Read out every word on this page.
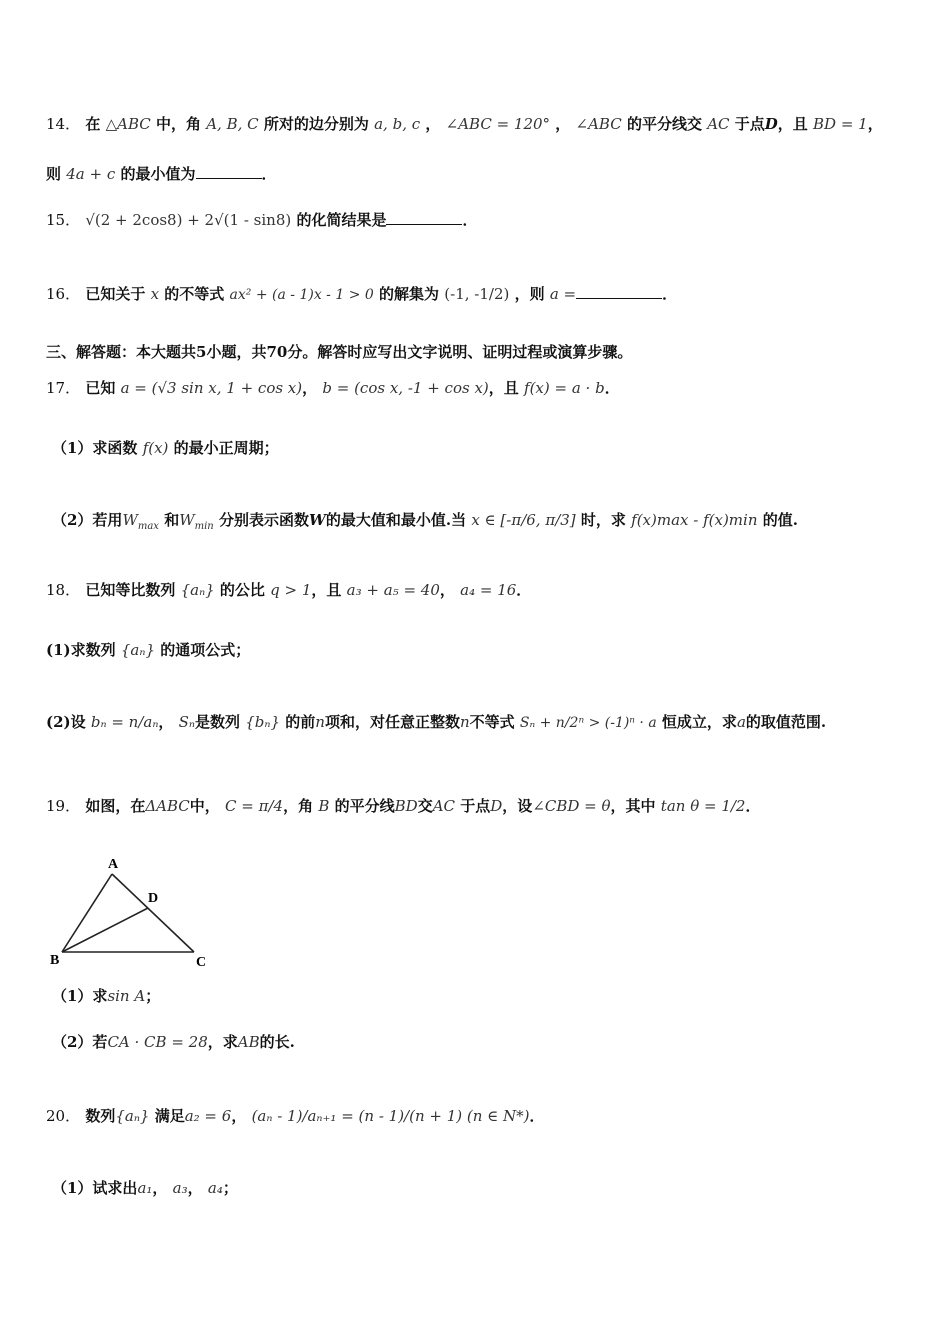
14． 在 △ABC 中，角 A, B, C 所对的边分别为 a, b, c ， ∠ABC = 120° ， ∠ABC 的平分线交 AC 于点D，且 BD = 1，
则 4a + c 的最小值为	．
15． √(2 + 2cos8) + 2√(1 - sin8) 的化简结果是	．
16． 已知关于 x 的不等式 ax² + (a - 1)x - 1 > 0 的解集为 (-1, -1/2) ，则 a =	．
三、解答题：本大题共5小题，共70分。解答时应写出文字说明、证明过程或演算步骤。
17． 已知 a = (√3 sin x, 1 + cos x)， b = (cos x, -1 + cos x)，且 f(x) = a · b．
（1）求函数 f(x) 的最小正周期；
（2）若用$W_{max}$ 和$W_{min}$ 分别表示函数W的最大值和最小值.当 x ∈ [-π/6, π/3] 时，求 f(x)max - f(x)min 的值.
18． 已知等比数列 {aₙ} 的公比 q > 1，且 a₃ + a₅ = 40， a₄ = 16．
(1)求数列 {aₙ} 的通项公式；
(2)设 bₙ = n/aₙ， Sₙ是数列 {bₙ} 的前n项和，对任意正整数n不等式 Sₙ + n/2ⁿ > (-1)ⁿ · a 恒成立，求a的取值范围.
19． 如图，在ΔABC中， C = π/4，角 B 的平分线BD交AC 于点D，设∠CBD = θ，其中 tan θ = 1/2．
A
B	C
D
（1）求sin A；
（2）若CA · CB = 28，求AB的长.
20． 数列{aₙ} 满足a₂ = 6， (aₙ - 1)/aₙ₊₁ = (n - 1)/(n + 1) (n ∈ N*)．
（1）试求出a₁， a₃， a₄；
